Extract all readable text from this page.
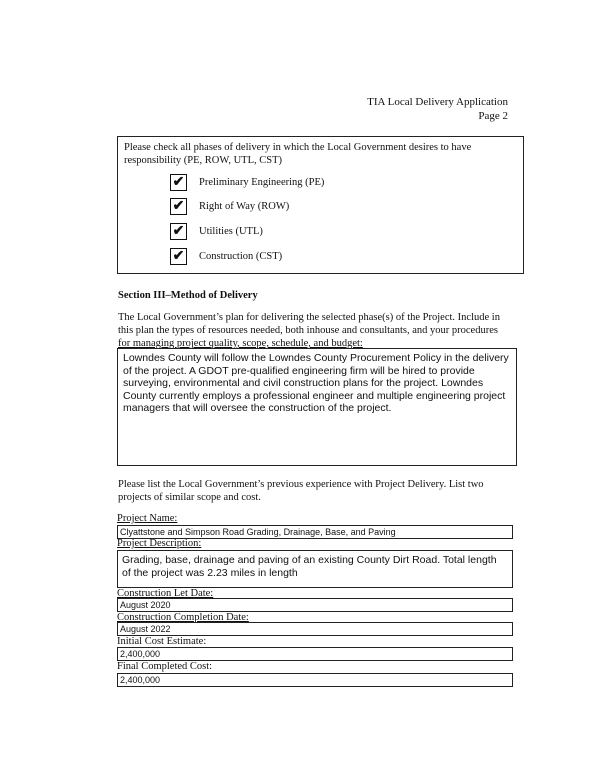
TIA Local Delivery Application
Page 2
Please check all phases of delivery in which the Local Government desires to have responsibility (PE, ROW, UTL, CST)
✔ Preliminary Engineering (PE)
✔ Right of Way (ROW)
✔ Utilities (UTL)
✔ Construction (CST)
Section III–Method of Delivery
The Local Government’s plan for delivering the selected phase(s) of the Project. Include in
this plan the types of resources needed, both inhouse and consultants, and your procedures
for managing project quality, scope, schedule, and budget:
Lowndes County will follow the Lowndes County Procurement Policy in the delivery of the project. A GDOT pre-qualified engineering firm will be hired to provide surveying, environmental and civil construction plans for the project. Lowndes County currently employs a professional engineer and multiple engineering project managers that will oversee the construction of the project.
Please list the Local Government’s previous experience with Project Delivery. List two
projects of similar scope and cost.
Project Name:
Clyattstone and Simpson Road Grading, Drainage, Base, and Paving
Project Description:
Grading, base, drainage and paving of an existing County Dirt Road. Total length of the project was 2.23 miles in length
Construction Let Date:
August 2020
Construction Completion Date:
August 2022
Initial Cost Estimate:
2,400,000
Final Completed Cost:
2,400,000
